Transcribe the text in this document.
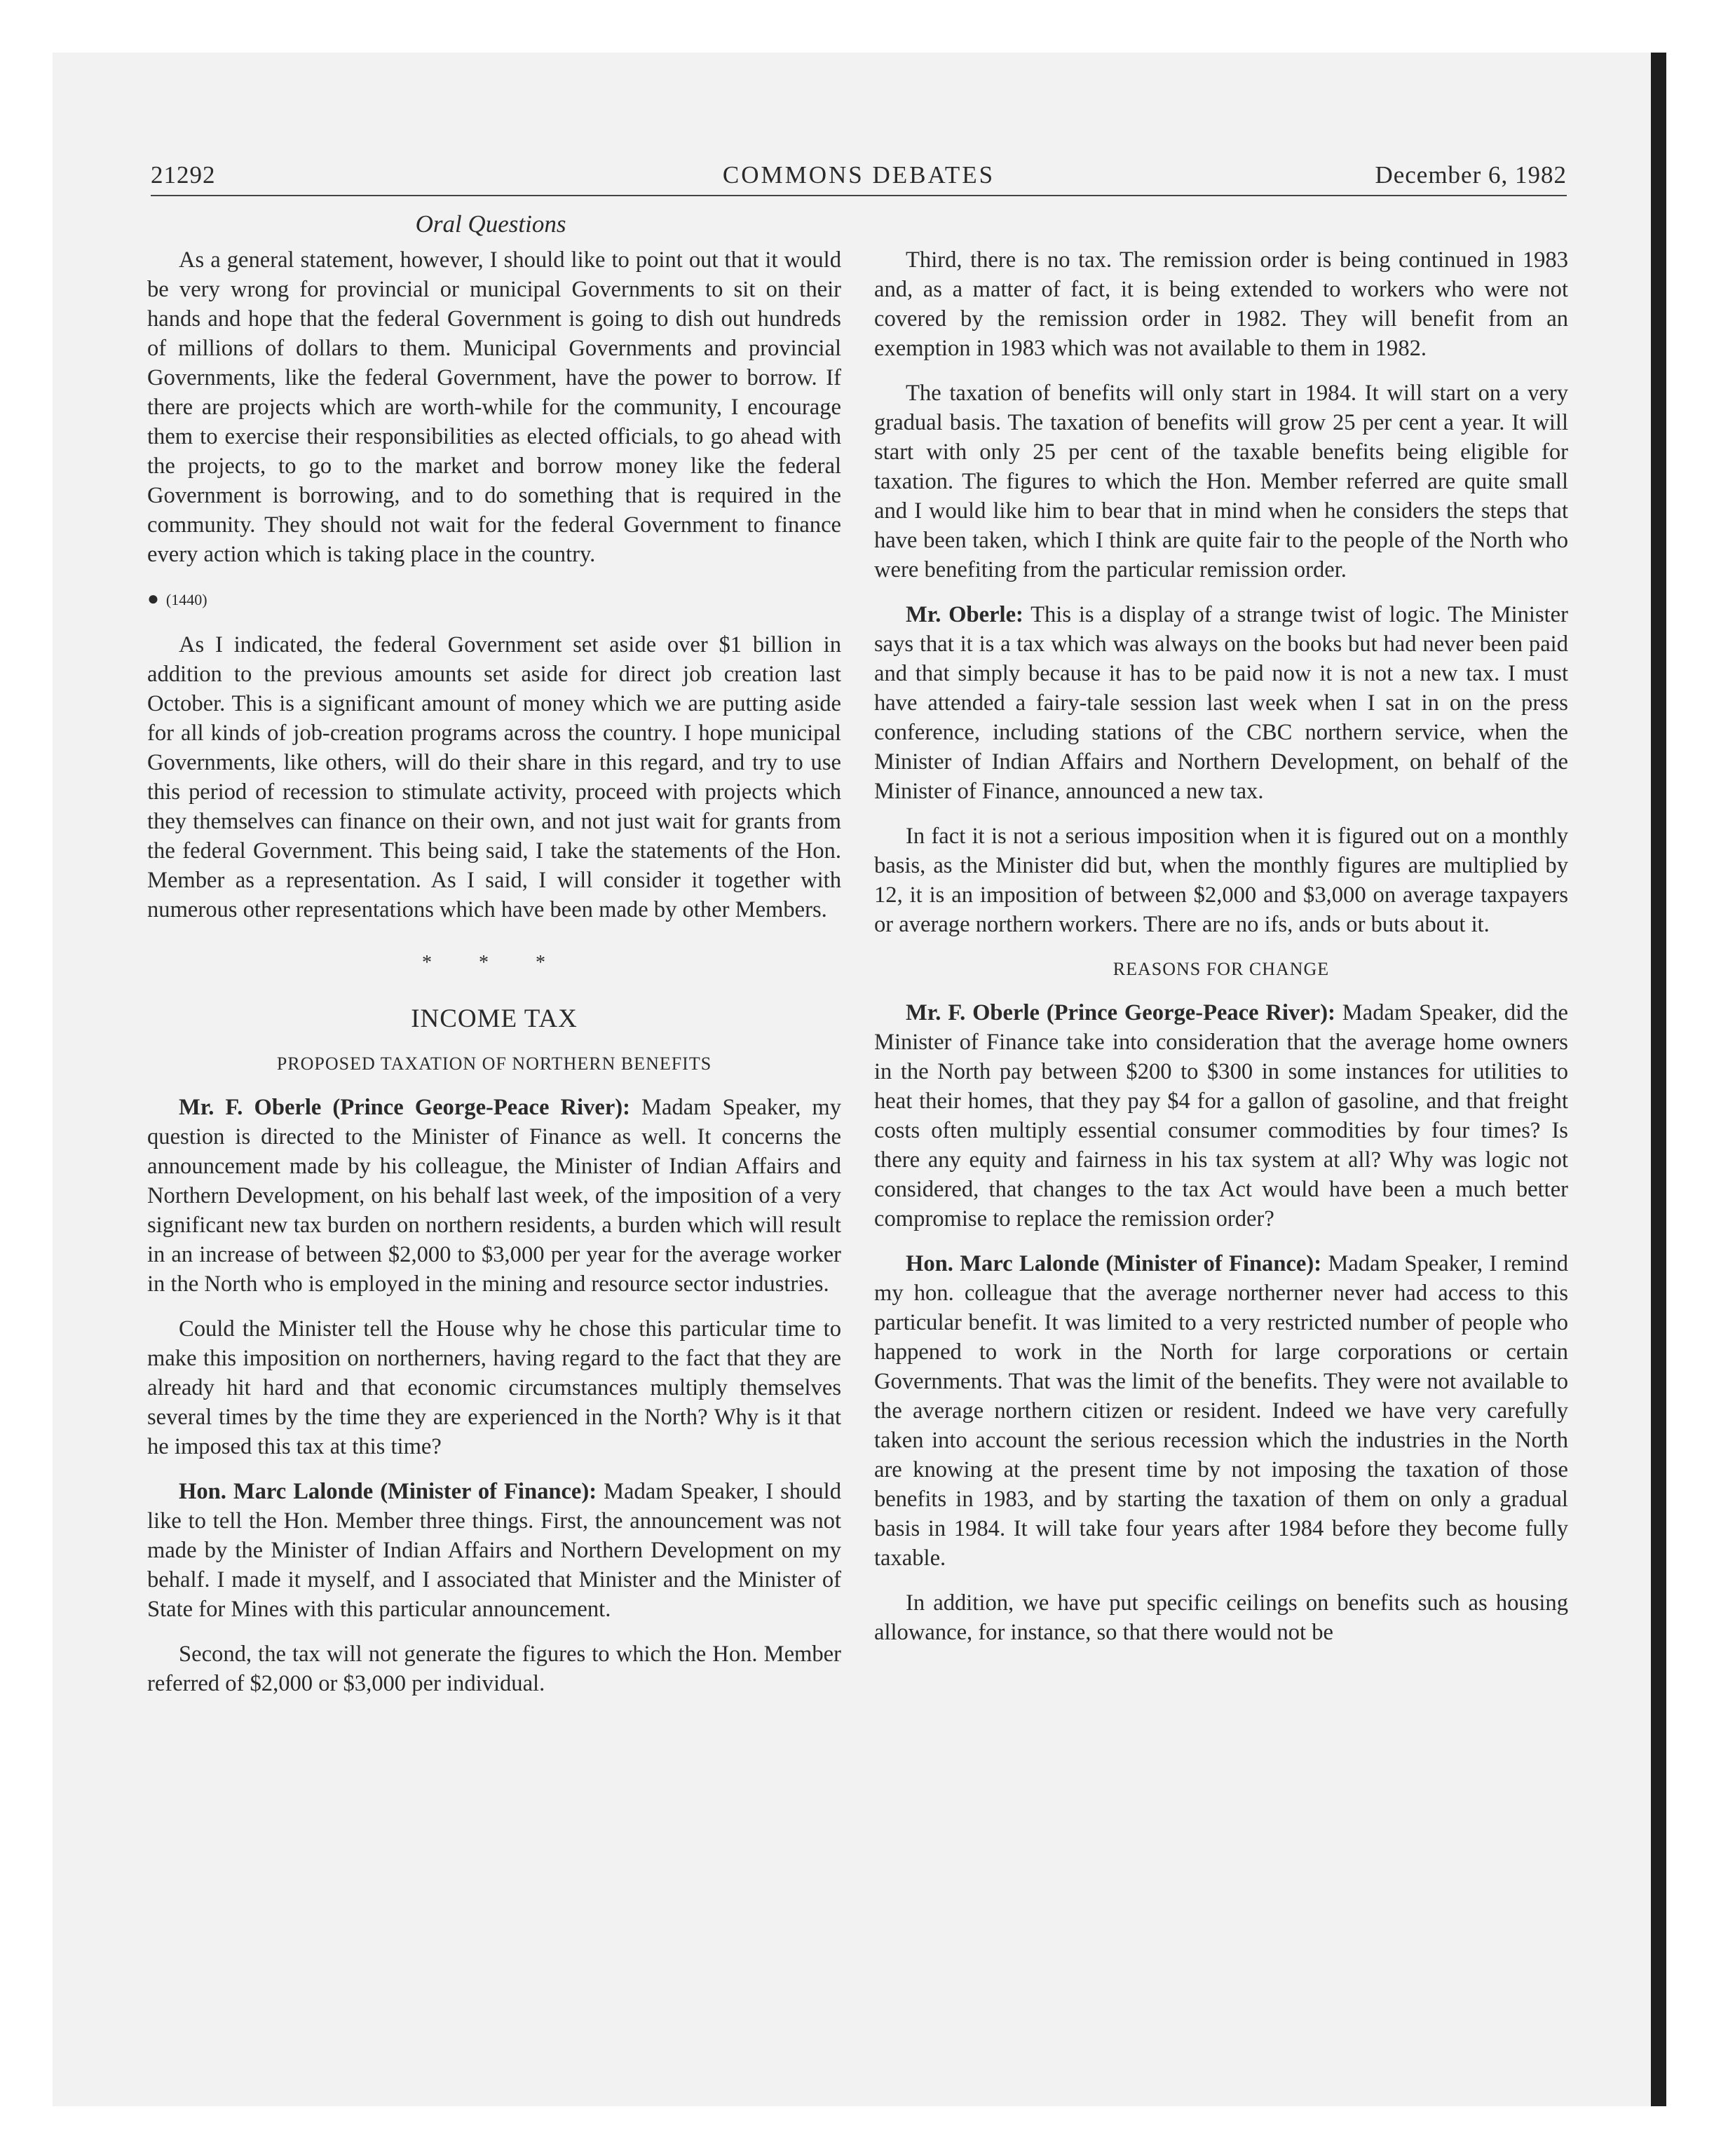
21292	COMMONS DEBATES	December 6, 1982
Oral Questions

As a general statement, however, I should like to point out that it would be very wrong for provincial or municipal Governments to sit on their hands and hope that the federal Government is going to dish out hundreds of millions of dollars to them. Municipal Governments and provincial Governments, like the federal Government, have the power to borrow. If there are projects which are worth-while for the community, I encourage them to exercise their responsibilities as elected officials, to go ahead with the projects, to go to the market and borrow money like the federal Government is borrowing, and to do something that is required in the community. They should not wait for the federal Government to finance every action which is taking place in the country.

● (1440)

As I indicated, the federal Government set aside over $1 billion in addition to the previous amounts set aside for direct job creation last October. This is a significant amount of money which we are putting aside for all kinds of job-creation programs across the country. I hope municipal Governments, like others, will do their share in this regard, and try to use this period of recession to stimulate activity, proceed with projects which they themselves can finance on their own, and not just wait for grants from the federal Government. This being said, I take the statements of the Hon. Member as a representation. As I said, I will consider it together with numerous other representations which have been made by other Members.

* * *
INCOME TAX
PROPOSED TAXATION OF NORTHERN BENEFITS

Mr. F. Oberle (Prince George-Peace River): Madam Speaker, my question is directed to the Minister of Finance as well. It concerns the announcement made by his colleague, the Minister of Indian Affairs and Northern Development, on his behalf last week, of the imposition of a very significant new tax burden on northern residents, a burden which will result in an increase of between $2,000 to $3,000 per year for the average worker in the North who is employed in the mining and resource sector industries.

Could the Minister tell the House why he chose this particular time to make this imposition on northerners, having regard to the fact that they are already hit hard and that economic circumstances multiply themselves several times by the time they are experienced in the North? Why is it that he imposed this tax at this time?

Hon. Marc Lalonde (Minister of Finance): Madam Speaker, I should like to tell the Hon. Member three things. First, the announcement was not made by the Minister of Indian Affairs and Northern Development on my behalf. I made it myself, and I associated that Minister and the Minister of State for Mines with this particular announcement.

Second, the tax will not generate the figures to which the Hon. Member referred of $2,000 or $3,000 per individual.

Third, there is no tax. The remission order is being continued in 1983 and, as a matter of fact, it is being extended to workers who were not covered by the remission order in 1982. They will benefit from an exemption in 1983 which was not available to them in 1982.

The taxation of benefits will only start in 1984. It will start on a very gradual basis. The taxation of benefits will grow 25 per cent a year. It will start with only 25 per cent of the taxable benefits being eligible for taxation. The figures to which the Hon. Member referred are quite small and I would like him to bear that in mind when he considers the steps that have been taken, which I think are quite fair to the people of the North who were benefiting from the particular remission order.

Mr. Oberle: This is a display of a strange twist of logic. The Minister says that it is a tax which was always on the books but had never been paid and that simply because it has to be paid now it is not a new tax. I must have attended a fairy-tale session last week when I sat in on the press conference, including stations of the CBC northern service, when the Minister of Indian Affairs and Northern Development, on behalf of the Minister of Finance, announced a new tax.

In fact it is not a serious imposition when it is figured out on a monthly basis, as the Minister did but, when the monthly figures are multiplied by 12, it is an imposition of between $2,000 and $3,000 on average taxpayers or average northern workers. There are no ifs, ands or buts about it.

REASONS FOR CHANGE

Mr. F. Oberle (Prince George-Peace River): Madam Speaker, did the Minister of Finance take into consideration that the average home owners in the North pay between $200 to $300 in some instances for utilities to heat their homes, that they pay $4 for a gallon of gasoline, and that freight costs often multiply essential consumer commodities by four times? Is there any equity and fairness in his tax system at all? Why was logic not considered, that changes to the tax Act would have been a much better compromise to replace the remission order?

Hon. Marc Lalonde (Minister of Finance): Madam Speaker, I remind my hon. colleague that the average northerner never had access to this particular benefit. It was limited to a very restricted number of people who happened to work in the North for large corporations or certain Governments. That was the limit of the benefits. They were not available to the average northern citizen or resident. Indeed we have very carefully taken into account the serious recession which the industries in the North are knowing at the present time by not imposing the taxation of those benefits in 1983, and by starting the taxation of them on only a gradual basis in 1984. It will take four years after 1984 before they become fully taxable.

In addition, we have put specific ceilings on benefits such as housing allowance, for instance, so that there would not be
